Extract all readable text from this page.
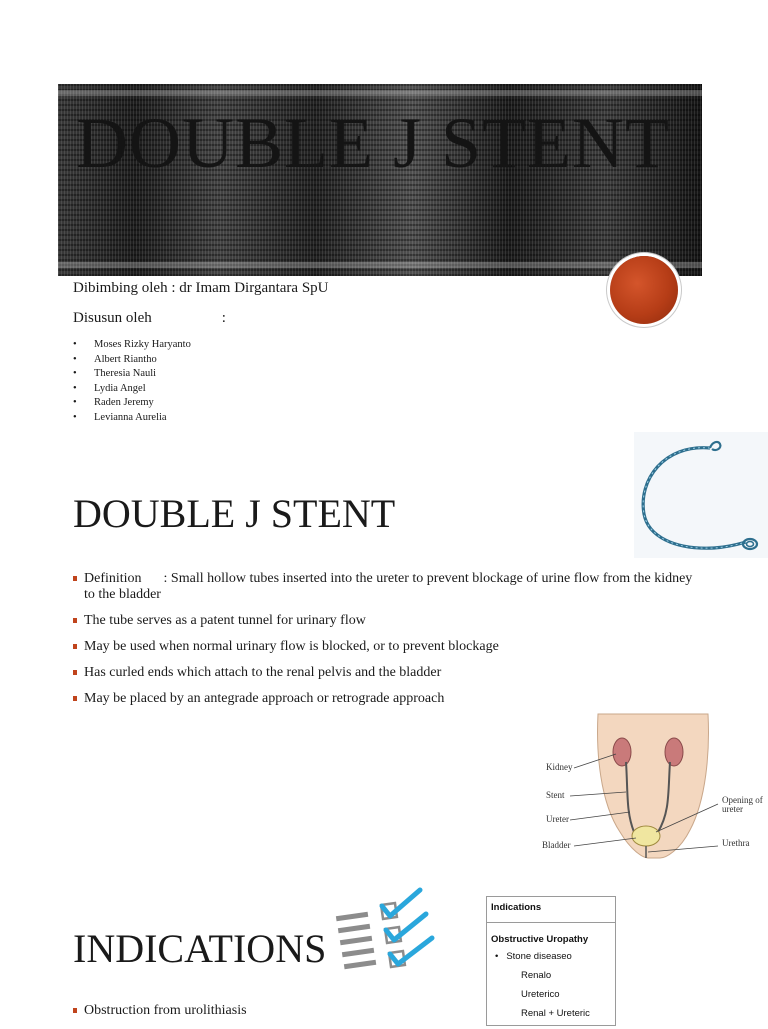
DOUBLE J STENT
Dibimbing oleh : dr Imam Dirgantara SpU
Disusun oleh	:
• Moses Rizky Haryanto
• Albert Riantho
• Theresia Nauli
• Lydia Angel
• Raden Jeremy
• Levianna Aurelia
DOUBLE J STENT
Definition : Small hollow tubes inserted into the ureter to prevent blockage of urine flow from the kidney to the bladder
The tube serves as a patent tunnel for urinary flow
May be used when normal urinary flow is blocked, or to prevent blockage
Has curled ends which attach to the renal pelvis and the bladder
May be placed by an antegrade approach or retrograde approach
Kidney
Stent
Ureter
Bladder
Opening of ureter
Urethra
INDICATIONS
Indications
Obstructive Uropathy
• Stone diseaseo
Renalo
Ureterico
Renal + Ureteric
Obstruction from urolithiasis
